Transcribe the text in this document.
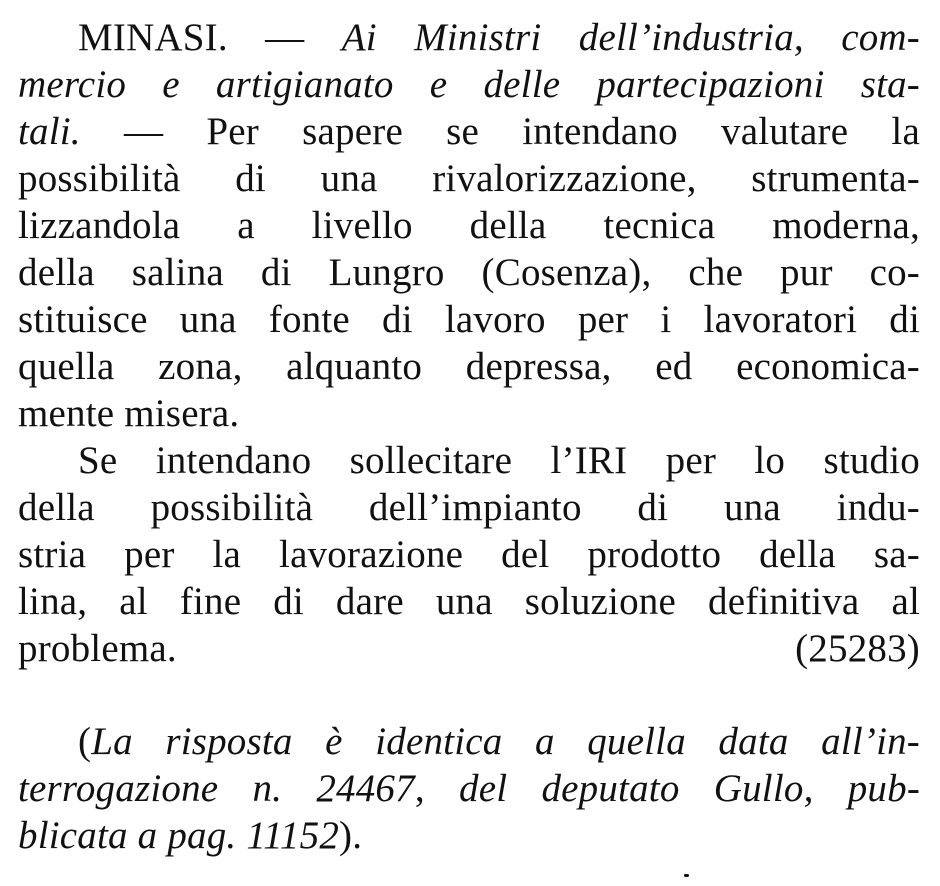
MINASI. — Ai Ministri dell’industria, com-
mercio e artigianato e delle partecipazioni sta-
tali. — Per sapere se intendano valutare la
possibilità di una rivalorizzazione, strumenta-
lizzandola a livello della tecnica moderna,
della salina di Lungro (Cosenza), che pur co-
stituisce una fonte di lavoro per i lavoratori di
quella zona, alquanto depressa, ed economica-
mente misera.
Se intendano sollecitare l’IRI per lo studio
della possibilità dell’impianto di una indu-
stria per la lavorazione del prodotto della sa-
lina, al fine di dare una soluzione definitiva al
problema.	(25283)
(La risposta è identica a quella data all’in-
terrogazione n. 24467, del deputato Gullo, pub-
blicata a pag. 11152).
